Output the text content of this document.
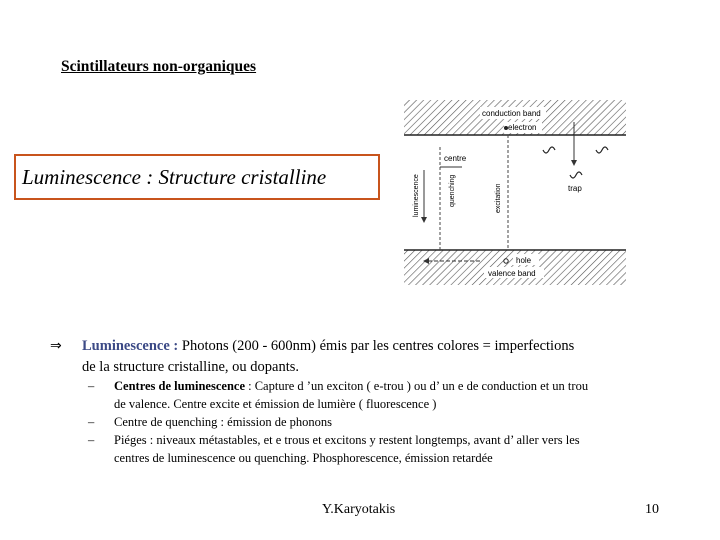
Scintillateurs non-organiques
Luminescence : Structure cristalline
conduction band
electron
centre
luminescence	quenching	excitation	trap
hole
valence band
⇒ Luminescence : Photons (200 - 600nm) émis par les centres colores = imperfections
de la structure cristalline, ou dopants.
– Centres de luminescence : Capture d ’un exciton ( e-trou ) ou d’ un e de conduction et un trou
de valence. Centre excite et émission de lumière ( fluorescence )
– Centre de quenching : émission de phonons
– Piéges : niveaux métastables, et e trous et excitons y restent longtemps, avant d’ aller vers les
centres de luminescence ou quenching. Phosphorescence, émission retardée
Y.Karyotakis	10
